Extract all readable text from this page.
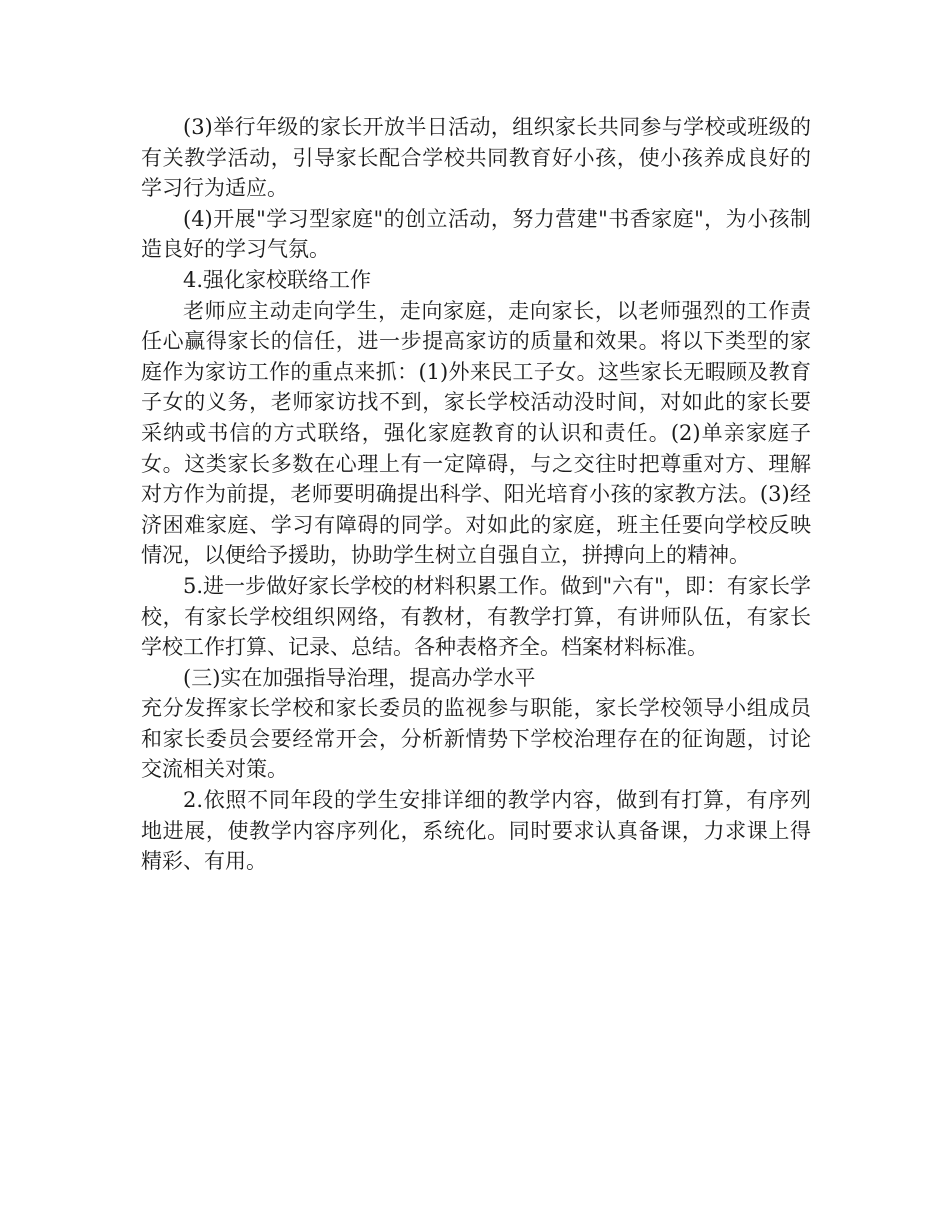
(3)举行年级的家长开放半日活动，组织家长共同参与学校或班级的有关教学活动，引导家长配合学校共同教育好小孩，使小孩养成良好的学习行为适应。

(4)开展"学习型家庭"的创立活动，努力营建"书香家庭"，为小孩制造良好的学习气氛。

4.强化家校联络工作

老师应主动走向学生，走向家庭，走向家长，以老师强烈的工作责任心赢得家长的信任，进一步提高家访的质量和效果。将以下类型的家庭作为家访工作的重点来抓：(1)外来民工子女。这些家长无暇顾及教育子女的义务，老师家访找不到，家长学校活动没时间，对如此的家长要采纳或书信的方式联络，强化家庭教育的认识和责任。(2)单亲家庭子女。这类家长多数在心理上有一定障碍，与之交往时把尊重对方、理解对方作为前提，老师要明确提出科学、阳光培育小孩的家教方法。(3)经济困难家庭、学习有障碍的同学。对如此的家庭，班主任要向学校反映情况，以便给予援助，协助学生树立自强自立，拼搏向上的精神。

5.进一步做好家长学校的材料积累工作。做到"六有"，即：有家长学校，有家长学校组织网络，有教材，有教学打算，有讲师队伍，有家长学校工作打算、记录、总结。各种表格齐全。档案材料标准。

(三)实在加强指导治理，提高办学水平

充分发挥家长学校和家长委员的监视参与职能，家长学校领导小组成员和家长委员会要经常开会，分析新情势下学校治理存在的征询题，讨论交流相关对策。

2.依照不同年段的学生安排详细的教学内容，做到有打算，有序列地进展，使教学内容序列化，系统化。同时要求认真备课，力求课上得精彩、有用。
